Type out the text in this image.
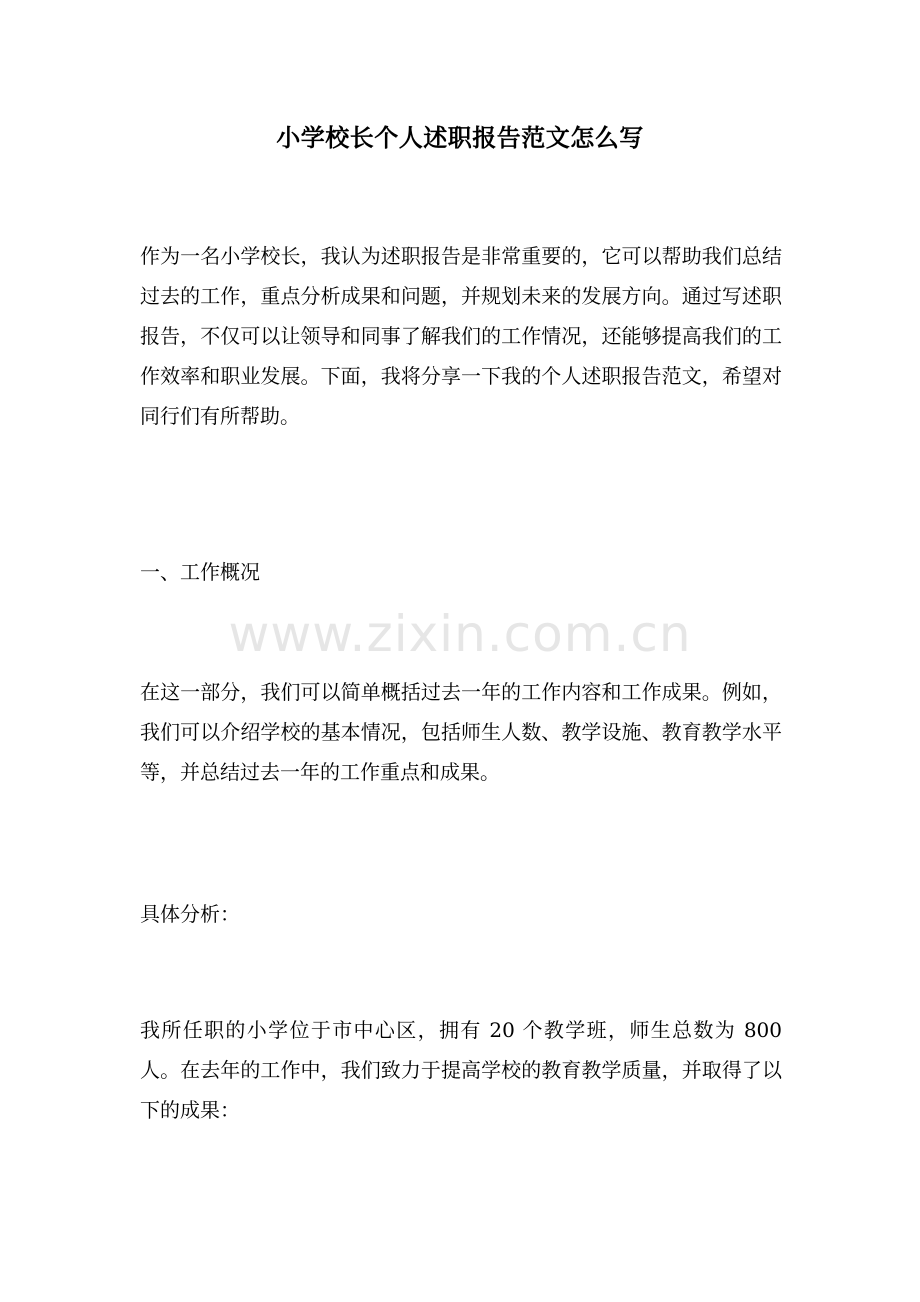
小学校长个人述职报告范文怎么写

作为一名小学校长，我认为述职报告是非常重要的，它可以帮助我们总结过去的工作，重点分析成果和问题，并规划未来的发展方向。通过写述职报告，不仅可以让领导和同事了解我们的工作情况，还能够提高我们的工作效率和职业发展。下面，我将分享一下我的个人述职报告范文，希望对同行们有所帮助。

一、工作概况

www.zixin.com.cn

在这一部分，我们可以简单概括过去一年的工作内容和工作成果。例如，我们可以介绍学校的基本情况，包括师生人数、教学设施、教育教学水平等，并总结过去一年的工作重点和成果。

具体分析：

我所任职的小学位于市中心区，拥有 20 个教学班，师生总数为 800 人。在去年的工作中，我们致力于提高学校的教育教学质量，并取得了以下的成果：
